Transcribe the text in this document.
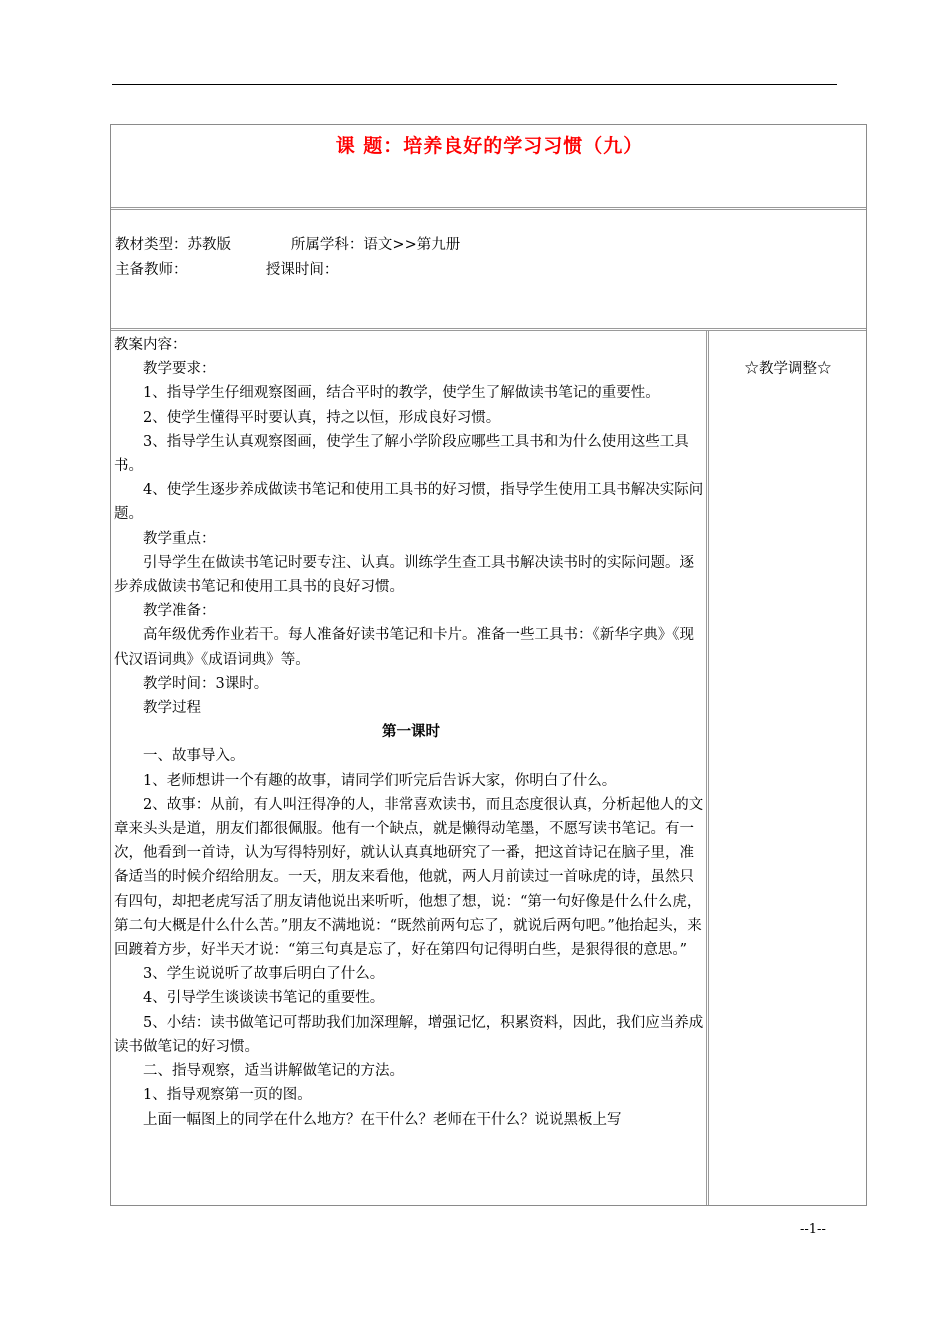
课 题：培养良好的学习习惯（九）
教材类型：苏教版             所属学科：语文>>第九册
主备教师：                 授课时间：

教案内容：

教学要求：

1、指导学生仔细观察图画，结合平时的教学，使学生了解做读书笔记的重要性。

2、使学生懂得平时要认真，持之以恒，形成良好习惯。

3、指导学生认真观察图画，使学生了解小学阶段应哪些工具书和为什么使用这些工具书。

4、使学生逐步养成做读书笔记和使用工具书的好习惯，指导学生使用工具书解决实际问题。

教学重点：

引导学生在做读书笔记时要专注、认真。训练学生查工具书解决读书时的实际问题。逐步养成做读书笔记和使用工具书的良好习惯。

教学准备：

高年级优秀作业若干。每人准备好读书笔记和卡片。准备一些工具书：《新华字典》《现代汉语词典》《成语词典》等。

教学时间：3课时。

教学过程

第一课时

一、故事导入。

1、老师想讲一个有趣的故事，请同学们听完后告诉大家，你明白了什么。

2、故事：从前，有人叫汪得净的人，非常喜欢读书，而且态度很认真，分析起他人的文章来头头是道，朋友们都很佩服。他有一个缺点，就是懒得动笔墨，不愿写读书笔记。有一次，他看到一首诗，认为写得特别好，就认认真真地研究了一番，把这首诗记在脑子里，准备适当的时候介绍给朋友。一天，朋友来看他，他就，两人月前读过一首咏虎的诗，虽然只有四句，却把老虎写活了朋友请他说出来听听，他想了想，说：“第一句好像是什么什么虎，第二句大概是什么什么苦。”朋友不满地说：“既然前两句忘了，就说后两句吧。”他抬起头，来回踱着方步，好半天才说：“第三句真是忘了，好在第四句记得明白些，是狠得很的意思。”

3、学生说说听了故事后明白了什么。

4、引导学生谈谈读书笔记的重要性。

5、小结：读书做笔记可帮助我们加深理解，增强记忆，积累资料，因此，我们应当养成读书做笔记的好习惯。

二、指导观察，适当讲解做笔记的方法。

1、指导观察第一页的图。

上面一幅图上的同学在什么地方？在干什么？老师在干什么？说说黑板上写

☆教学调整☆
--1--
